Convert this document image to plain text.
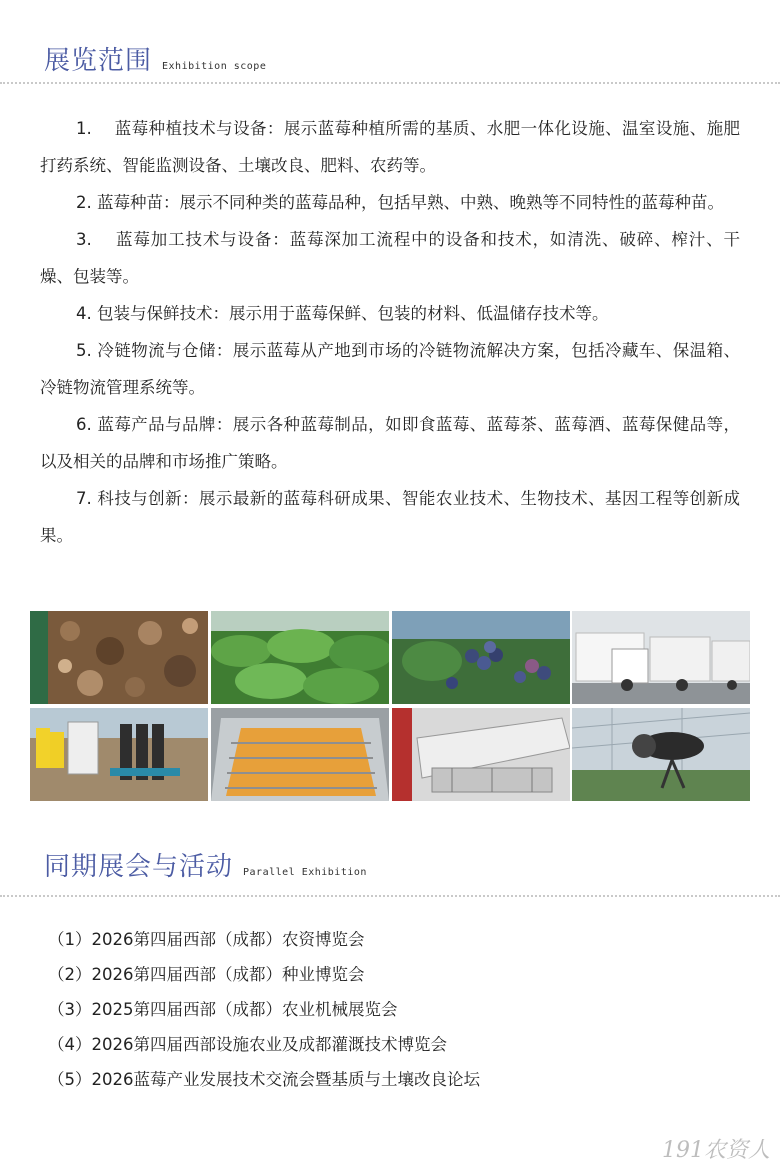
展览范围 Exhibition scope

1.　 蓝莓种植技术与设备：展示蓝莓种植所需的基质、水肥一体化设施、温室设施、施肥打药系统、智能监测设备、土壤改良、肥料、农药等。

2. 蓝莓种苗：展示不同种类的蓝莓品种，包括早熟、中熟、晚熟等不同特性的蓝莓种苗。

3.　 蓝莓加工技术与设备：蓝莓深加工流程中的设备和技术，如清洗、破碎、榨汁、干燥、包装等。

4. 包装与保鲜技术：展示用于蓝莓保鲜、包装的材料、低温储存技术等。

5. 冷链物流与仓储：展示蓝莓从产地到市场的冷链物流解决方案，包括冷藏车、保温箱、冷链物流管理系统等。

6. 蓝莓产品与品牌：展示各种蓝莓制品，如即食蓝莓、蓝莓茶、蓝莓酒、蓝莓保健品等，以及相关的品牌和市场推广策略。

7. 科技与创新：展示最新的蓝莓科研成果、智能农业技术、生物技术、基因工程等创新成果。

同期展会与活动 Parallel Exhibition
（1）2026第四届西部（成都）农资博览会
（2）2026第四届西部（成都）种业博览会
（3）2025第四届西部（成都）农业机械展览会
（4）2026第四届西部设施农业及成都灌溉技术博览会
（5）2026蓝莓产业发展技术交流会暨基质与土壤改良论坛
191农资人
